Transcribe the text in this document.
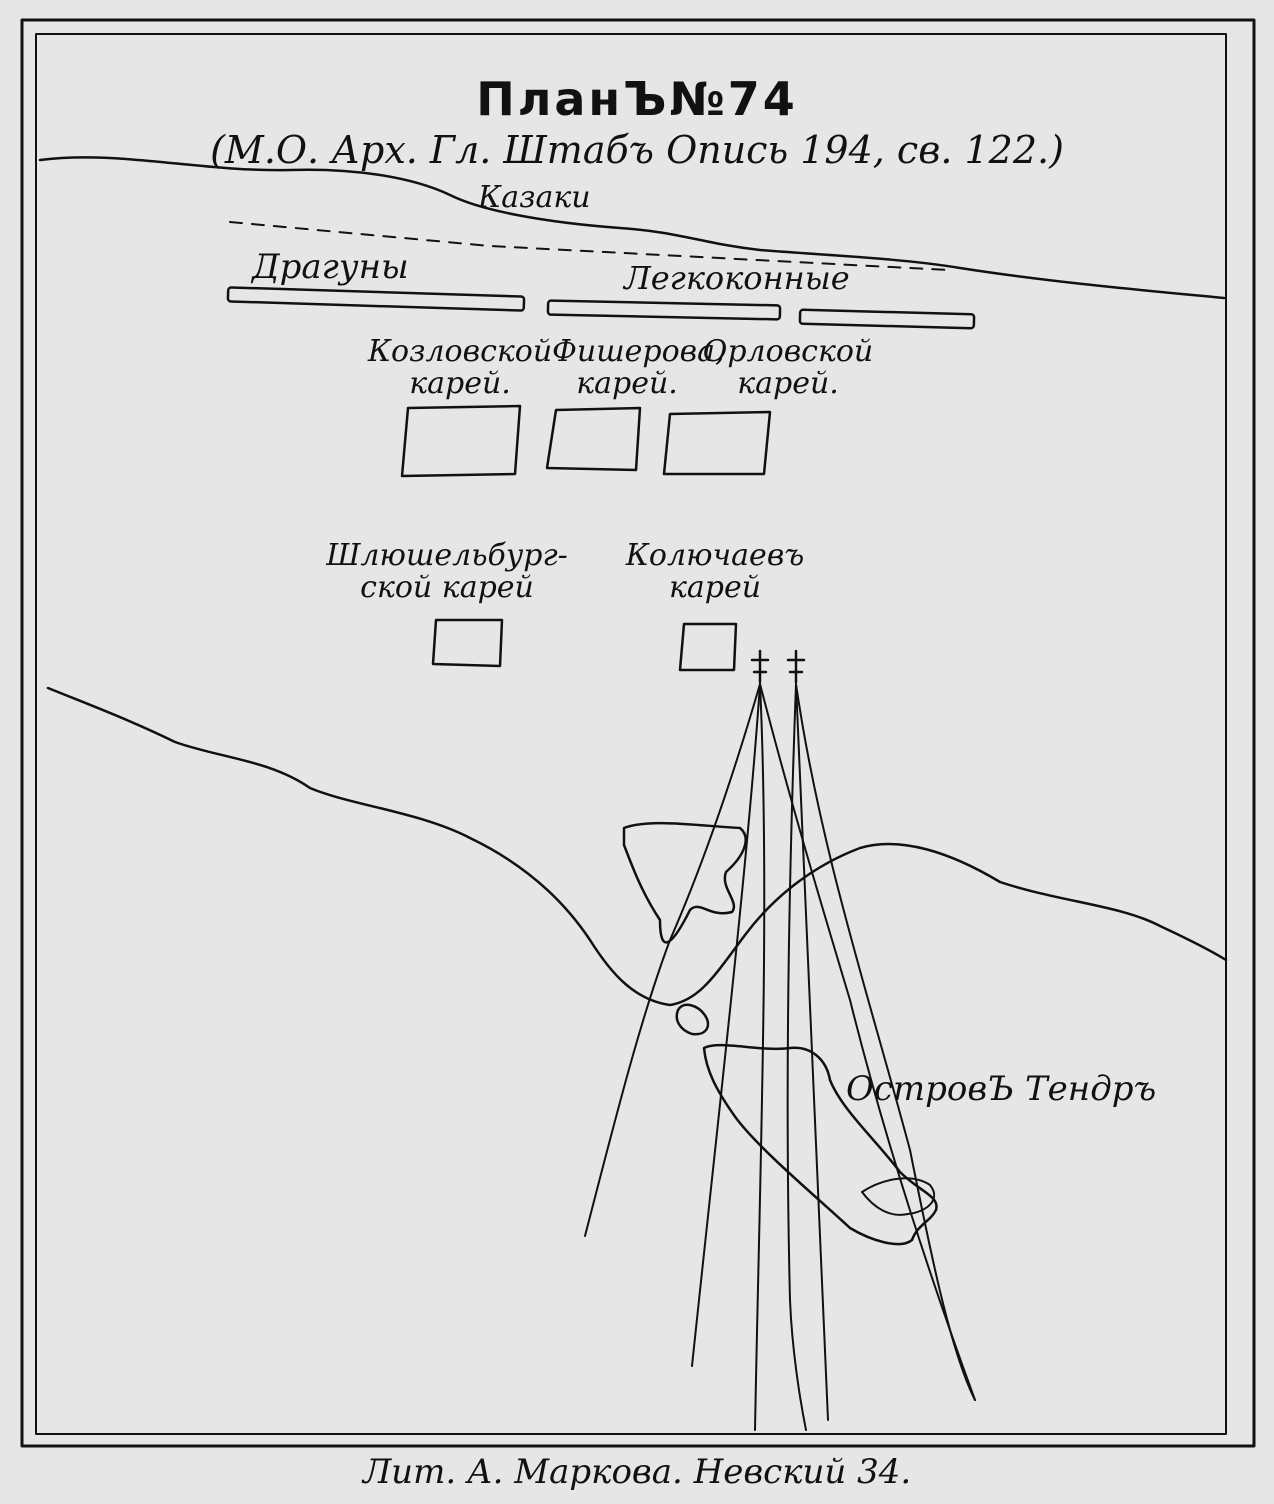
ПланЪ№74
(М.О. Арх. Гл. Штабъ Опись 194, св. 122.)
Казаки
Драгуны	Легкоконные
Козловской
карей.
Фишерова,
карей.
Орловской
карей.
Шлюшельбург-
ской карей
Колючаевъ
карей
ОстровЪ Тендръ
Лит. А. Маркова. Невский 34.
